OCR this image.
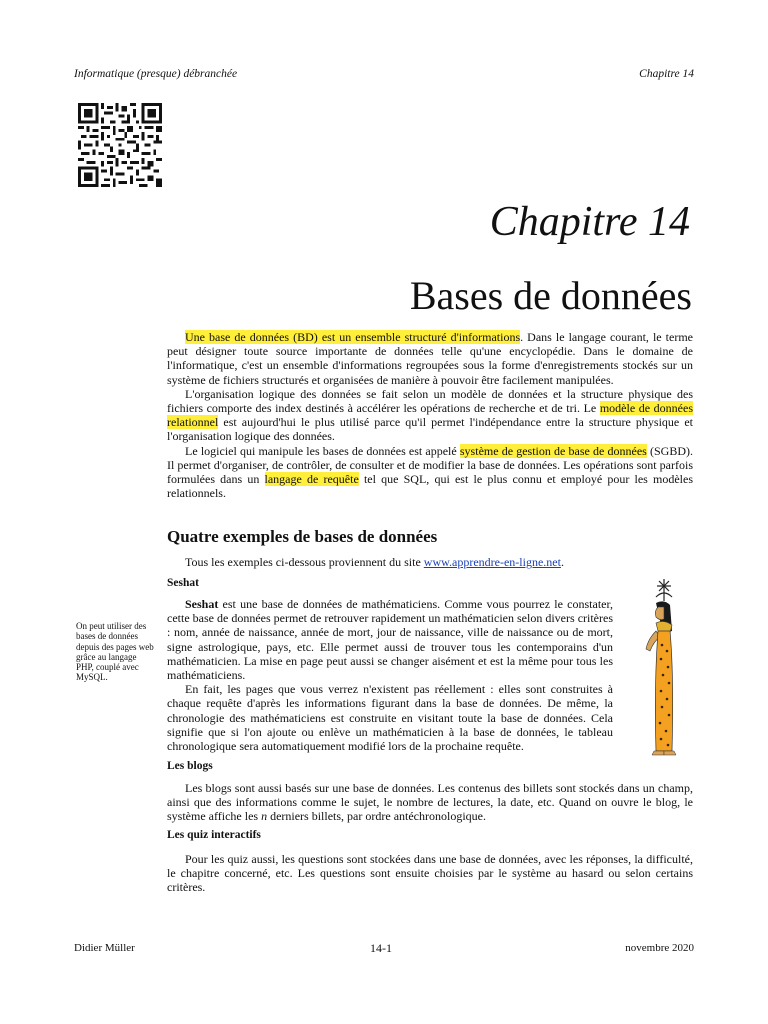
Informatique (presque) débranchée	Chapitre 14
Chapitre 14
Bases de données

Une base de données (BD) est un ensemble structuré d'informations. Dans le langage courant, le terme peut désigner toute source importante de données telle qu'une encyclopédie. Dans le domaine de l'informatique, c'est un ensemble d'informations regroupées sous la forme d'enregistrements stockés sur un système de fichiers structurés et organisées de manière à pouvoir être facilement manipulées.

L'organisation logique des données se fait selon un modèle de données et la structure physique des fichiers comporte des index destinés à accélérer les opérations de recherche et de tri. Le modèle de données relationnel est aujourd'hui le plus utilisé parce qu'il permet l'indépendance entre la structure physique et l'organisation logique des données.

Le logiciel qui manipule les bases de données est appelé système de gestion de base de données (SGBD). Il permet d'organiser, de contrôler, de consulter et de modifier la base de données. Les opérations sont parfois formulées dans un langage de requête tel que SQL, qui est le plus connu et employé pour les modèles relationnels.

Quatre exemples de bases de données
Tous les exemples ci-dessous proviennent du site www.apprendre-en-ligne.net.
Seshat

Seshat est une base de données de mathématiciens. Comme vous pourrez le constater, cette base de données permet de retrouver rapidement un mathématicien selon divers critères : nom, année de naissance, année de mort, jour de naissance, ville de naissance ou de mort, signe astrologique, pays, etc. Elle permet aussi de trouver tous les contemporains d'un mathématicien. La mise en page peut aussi se changer aisément et est la même pour tous les mathématiciens.

En fait, les pages que vous verrez n'existent pas réellement : elles sont construites à chaque requête d'après les informations figurant dans la base de données. De même, la chronologie des mathématiciens est construite en visitant toute la base de données. Cela signifie que si l'on ajoute ou enlève un mathématicien à la base de données, le tableau chronologique sera automatiquement modifié lors de la prochaine requête.

On peut utiliser des bases de données depuis des pages web grâce au langage PHP, couplé avec MySQL.
Les blogs

Les blogs sont aussi basés sur une base de données. Les contenus des billets sont stockés dans un champ, ainsi que des informations comme le sujet, le nombre de lectures, la date, etc. Quand on ouvre le blog, le système affiche les n derniers billets, par ordre antéchronologique.

Les quiz interactifs

Pour les quiz aussi, les questions sont stockées dans une base de données, avec les réponses, la difficulté, le chapitre concerné, etc. Les questions sont ensuite choisies par le système au hasard ou selon certains critères.

Didier Müller	14-1	novembre 2020
